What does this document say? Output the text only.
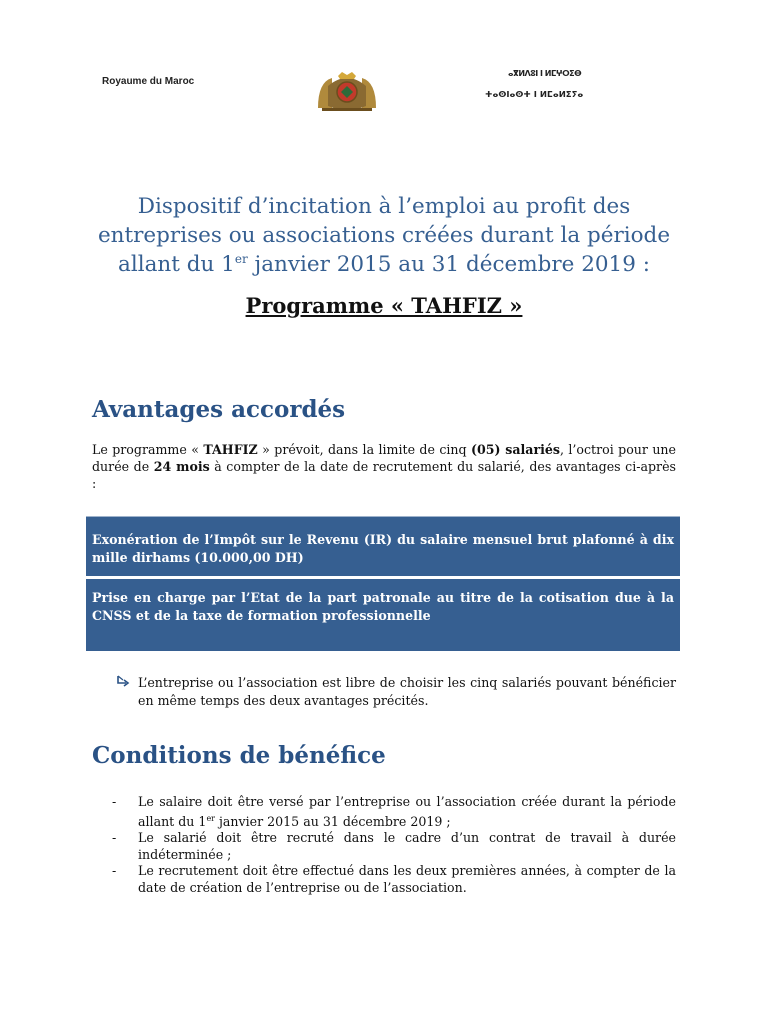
Royaume du Maroc
ⴰⴳⵍⴷⵓⵏ ⵏ ⵍⵎⵖⵔⵉⴱ
ⵜⴰⵙⵏⴰⵙⵜ ⵏ ⵍⵎⴰⵍⵉⵢⴰ
Dispositif d’incitation à l’emploi au profit des
entreprises ou associations créées durant la période
allant du 1er janvier 2015 au 31 décembre 2019 :
Programme « TAHFIZ »
Avantages accordés
Le programme « TAHFIZ » prévoit, dans la limite de cinq (05) salariés, l’octroi pour une durée de 24 mois à compter de la date de recrutement du salarié, des avantages ci-après :
Exonération de l’Impôt sur le Revenu (IR) du salaire mensuel brut plafonné à dix mille dirhams (10.000,00 DH)
Prise en charge par l’Etat de la part patronale au titre de la cotisation due à la CNSS et de la taxe de formation professionnelle
L’entreprise ou l’association est libre de choisir les cinq salariés pouvant bénéficier en même temps des deux avantages précités.
Conditions de bénéfice
- Le salaire doit être versé par l’entreprise ou l’association créée durant la période allant du 1er janvier 2015 au 31 décembre 2019 ;
- Le salarié doit être recruté dans le cadre d’un contrat de travail à durée indéterminée ;
- Le recrutement doit être effectué dans les deux premières années, à compter de la date de création de l’entreprise ou de l’association.
